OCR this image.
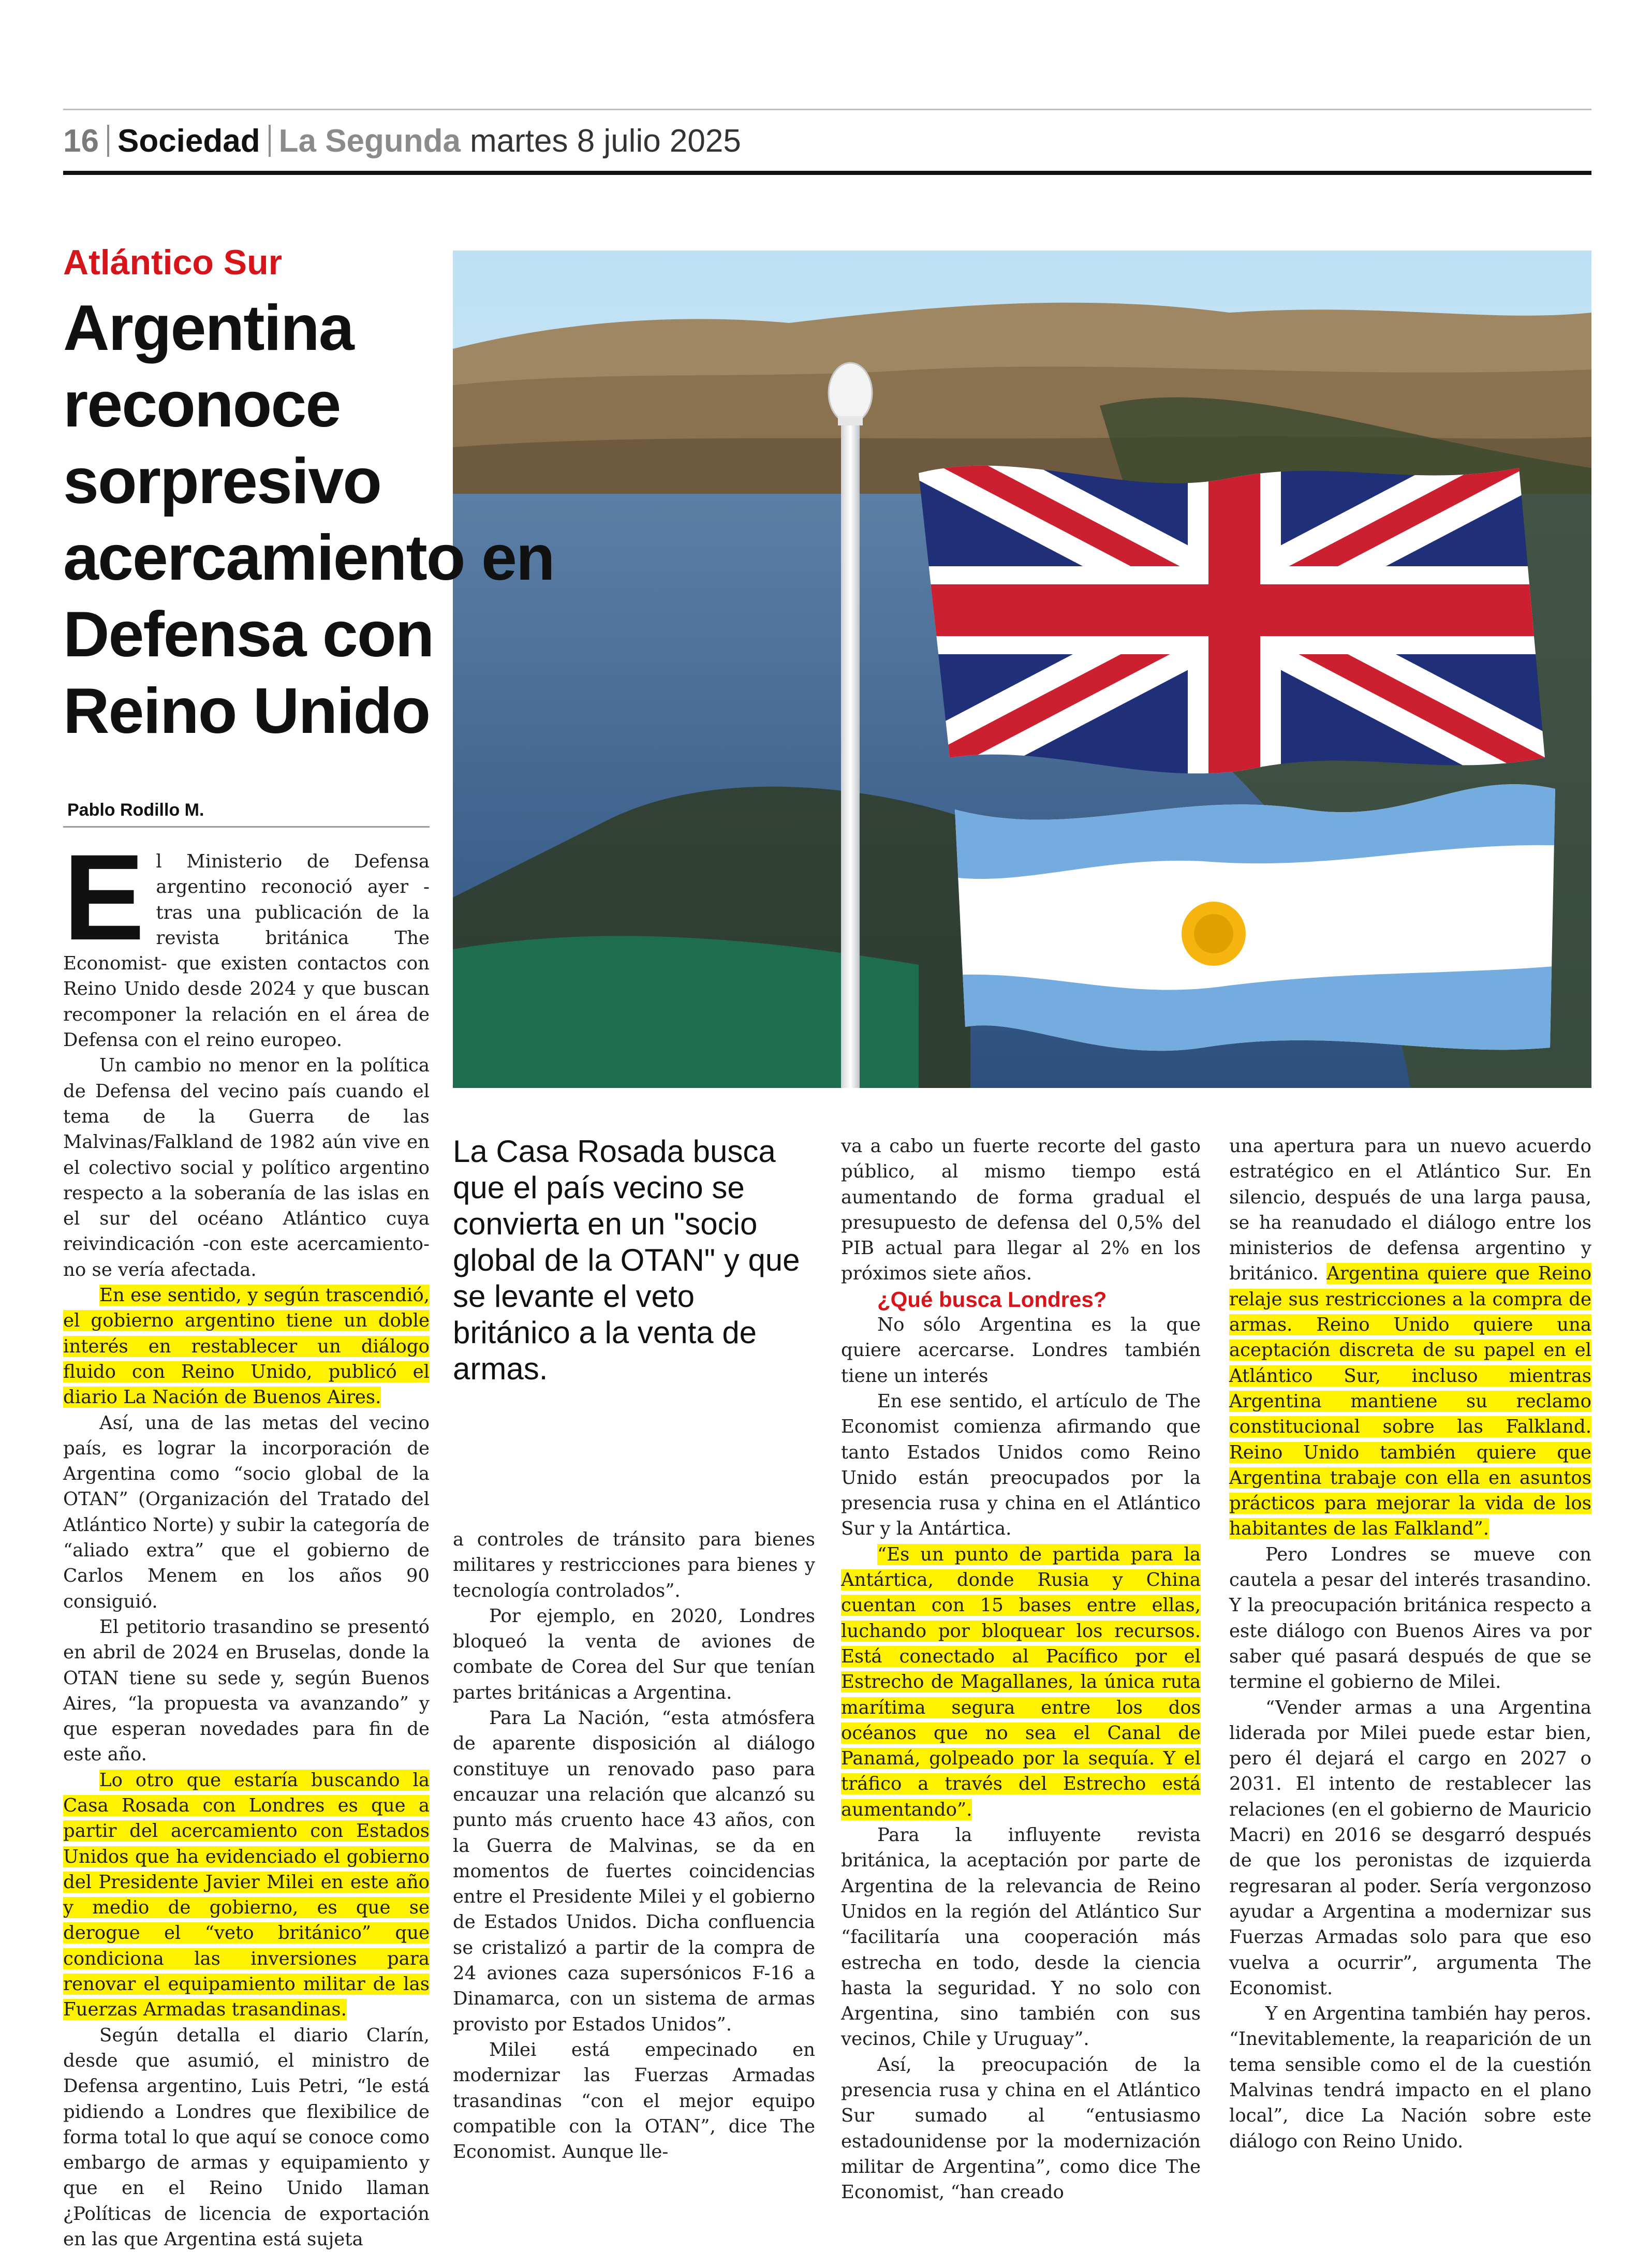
16 Sociedad La Segunda martes 8 julio 2025
Atlántico Sur
Argentina reconoce sorpresivo acercamiento en Defensa con Reino Unido
Pablo Rodillo M.

El Ministerio de Defensa argentino reconoció ayer -tras una publicación de la revista británica The Economist- que existen contactos con Reino Unido desde 2024 y que buscan recomponer la relación en el área de Defensa con el reino europeo.

Un cambio no menor en la política de Defensa del vecino país cuando el tema de la Guerra de las Malvinas/Falkland de 1982 aún vive en el colectivo social y político argentino respecto a la soberanía de las islas en el sur del océano Atlántico cuya reivindicación -con este acercamiento- no se vería afectada.

En ese sentido, y según trascendió, el gobierno argentino tiene un doble interés en restablecer un diálogo fluido con Reino Unido, publicó el diario La Nación de Buenos Aires.

Así, una de las metas del vecino país, es lograr la incorporación de Argentina como “socio global de la OTAN” (Organización del Tratado del Atlántico Norte) y subir la categoría de “aliado extra” que el gobierno de Carlos Menem en los años 90 consiguió.

El petitorio trasandino se presentó en abril de 2024 en Bruselas, donde la OTAN tiene su sede y, según Buenos Aires, “la propuesta va avanzando” y que esperan novedades para fin de este año.

Lo otro que estaría buscando la Casa Rosada con Londres es que a partir del acercamiento con Estados Unidos que ha evidenciado el gobierno del Presidente Javier Milei en este año y medio de gobierno, es que se derogue el “veto británico” que condiciona las inversiones para renovar el equipamiento militar de las Fuerzas Armadas trasandinas.

Según detalla el diario Clarín, desde que asumió, el ministro de Defensa argentino, Luis Petri, “le está pidiendo a Londres que flexibilice de forma total lo que aquí se conoce como embargo de armas y equipamiento y que en el Reino Unido llaman ¿Políticas de licencia de exportación en las que Argentina está sujeta

La Casa Rosada busca que el país vecino se convierta en un "socio global de la OTAN" y que se levante el veto británico a la venta de armas.

a controles de tránsito para bienes militares y restricciones para bienes y tecnología controlados”.

Por ejemplo, en 2020, Londres bloqueó la venta de aviones de combate de Corea del Sur que tenían partes británicas a Argentina.

Para La Nación, “esta atmósfera de aparente disposición al diálogo constituye un renovado paso para encauzar una relación que alcanzó su punto más cruento hace 43 años, con la Guerra de Malvinas, se da en momentos de fuertes coincidencias entre el Presidente Milei y el gobierno de Estados Unidos. Dicha confluencia se cristalizó a partir de la compra de 24 aviones caza supersónicos F-16 a Dinamarca, con un sistema de armas provisto por Estados Unidos”.

Milei está empecinado en modernizar las Fuerzas Armadas trasandinas “con el mejor equipo compatible con la OTAN”, dice The Economist. Aunque lle-

va a cabo un fuerte recorte del gasto público, al mismo tiempo está aumentando de forma gradual el presupuesto de defensa del 0,5% del PIB actual para llegar al 2% en los próximos siete años.

¿Qué busca Londres?

No sólo Argentina es la que quiere acercarse. Londres también tiene un interés

En ese sentido, el artículo de The Economist comienza afirmando que tanto Estados Unidos como Reino Unido están preocupados por la presencia rusa y china en el Atlántico Sur y la Antártica.

“Es un punto de partida para la Antártica, donde Rusia y China cuentan con 15 bases entre ellas, luchando por bloquear los recursos. Está conectado al Pacífico por el Estrecho de Magallanes, la única ruta marítima segura entre los dos océanos que no sea el Canal de Panamá, golpeado por la sequía. Y el tráfico a través del Estrecho está aumentando”.

Para la influyente revista británica, la aceptación por parte de Argentina de la relevancia de Reino Unidos en la región del Atlántico Sur “facilitaría una cooperación más estrecha en todo, desde la ciencia hasta la seguridad. Y no solo con Argentina, sino también con sus vecinos, Chile y Uruguay”.

Así, la preocupación de la presencia rusa y china en el Atlántico Sur sumado al “entusiasmo estadounidense por la modernización militar de Argentina”, como dice The Economist, “han creado

una apertura para un nuevo acuerdo estratégico en el Atlántico Sur. En silencio, después de una larga pausa, se ha reanudado el diálogo entre los ministerios de defensa argentino y británico. Argentina quiere que Reino relaje sus restricciones a la compra de armas. Reino Unido quiere una aceptación discreta de su papel en el Atlántico Sur, incluso mientras Argentina mantiene su reclamo constitucional sobre las Falkland. Reino Unido también quiere que Argentina trabaje con ella en asuntos prácticos para mejorar la vida de los habitantes de las Falkland”.

Pero Londres se mueve con cautela a pesar del interés trasandino. Y la preocupación británica respecto a este diálogo con Buenos Aires va por saber qué pasará después de que se termine el gobierno de Milei.

“Vender armas a una Argentina liderada por Milei puede estar bien, pero él dejará el cargo en 2027 o 2031. El intento de restablecer las relaciones (en el gobierno de Mauricio Macri) en 2016 se desgarró después de que los peronistas de izquierda regresaran al poder. Sería vergonzoso ayudar a Argentina a modernizar sus Fuerzas Armadas solo para que eso vuelva a ocurrir”, argumenta The Economist.

Y en Argentina también hay peros. “Inevitablemente, la reaparición de un tema sensible como el de la cuestión Malvinas tendrá impacto en el plano local”, dice La Nación sobre este diálogo con Reino Unido.
